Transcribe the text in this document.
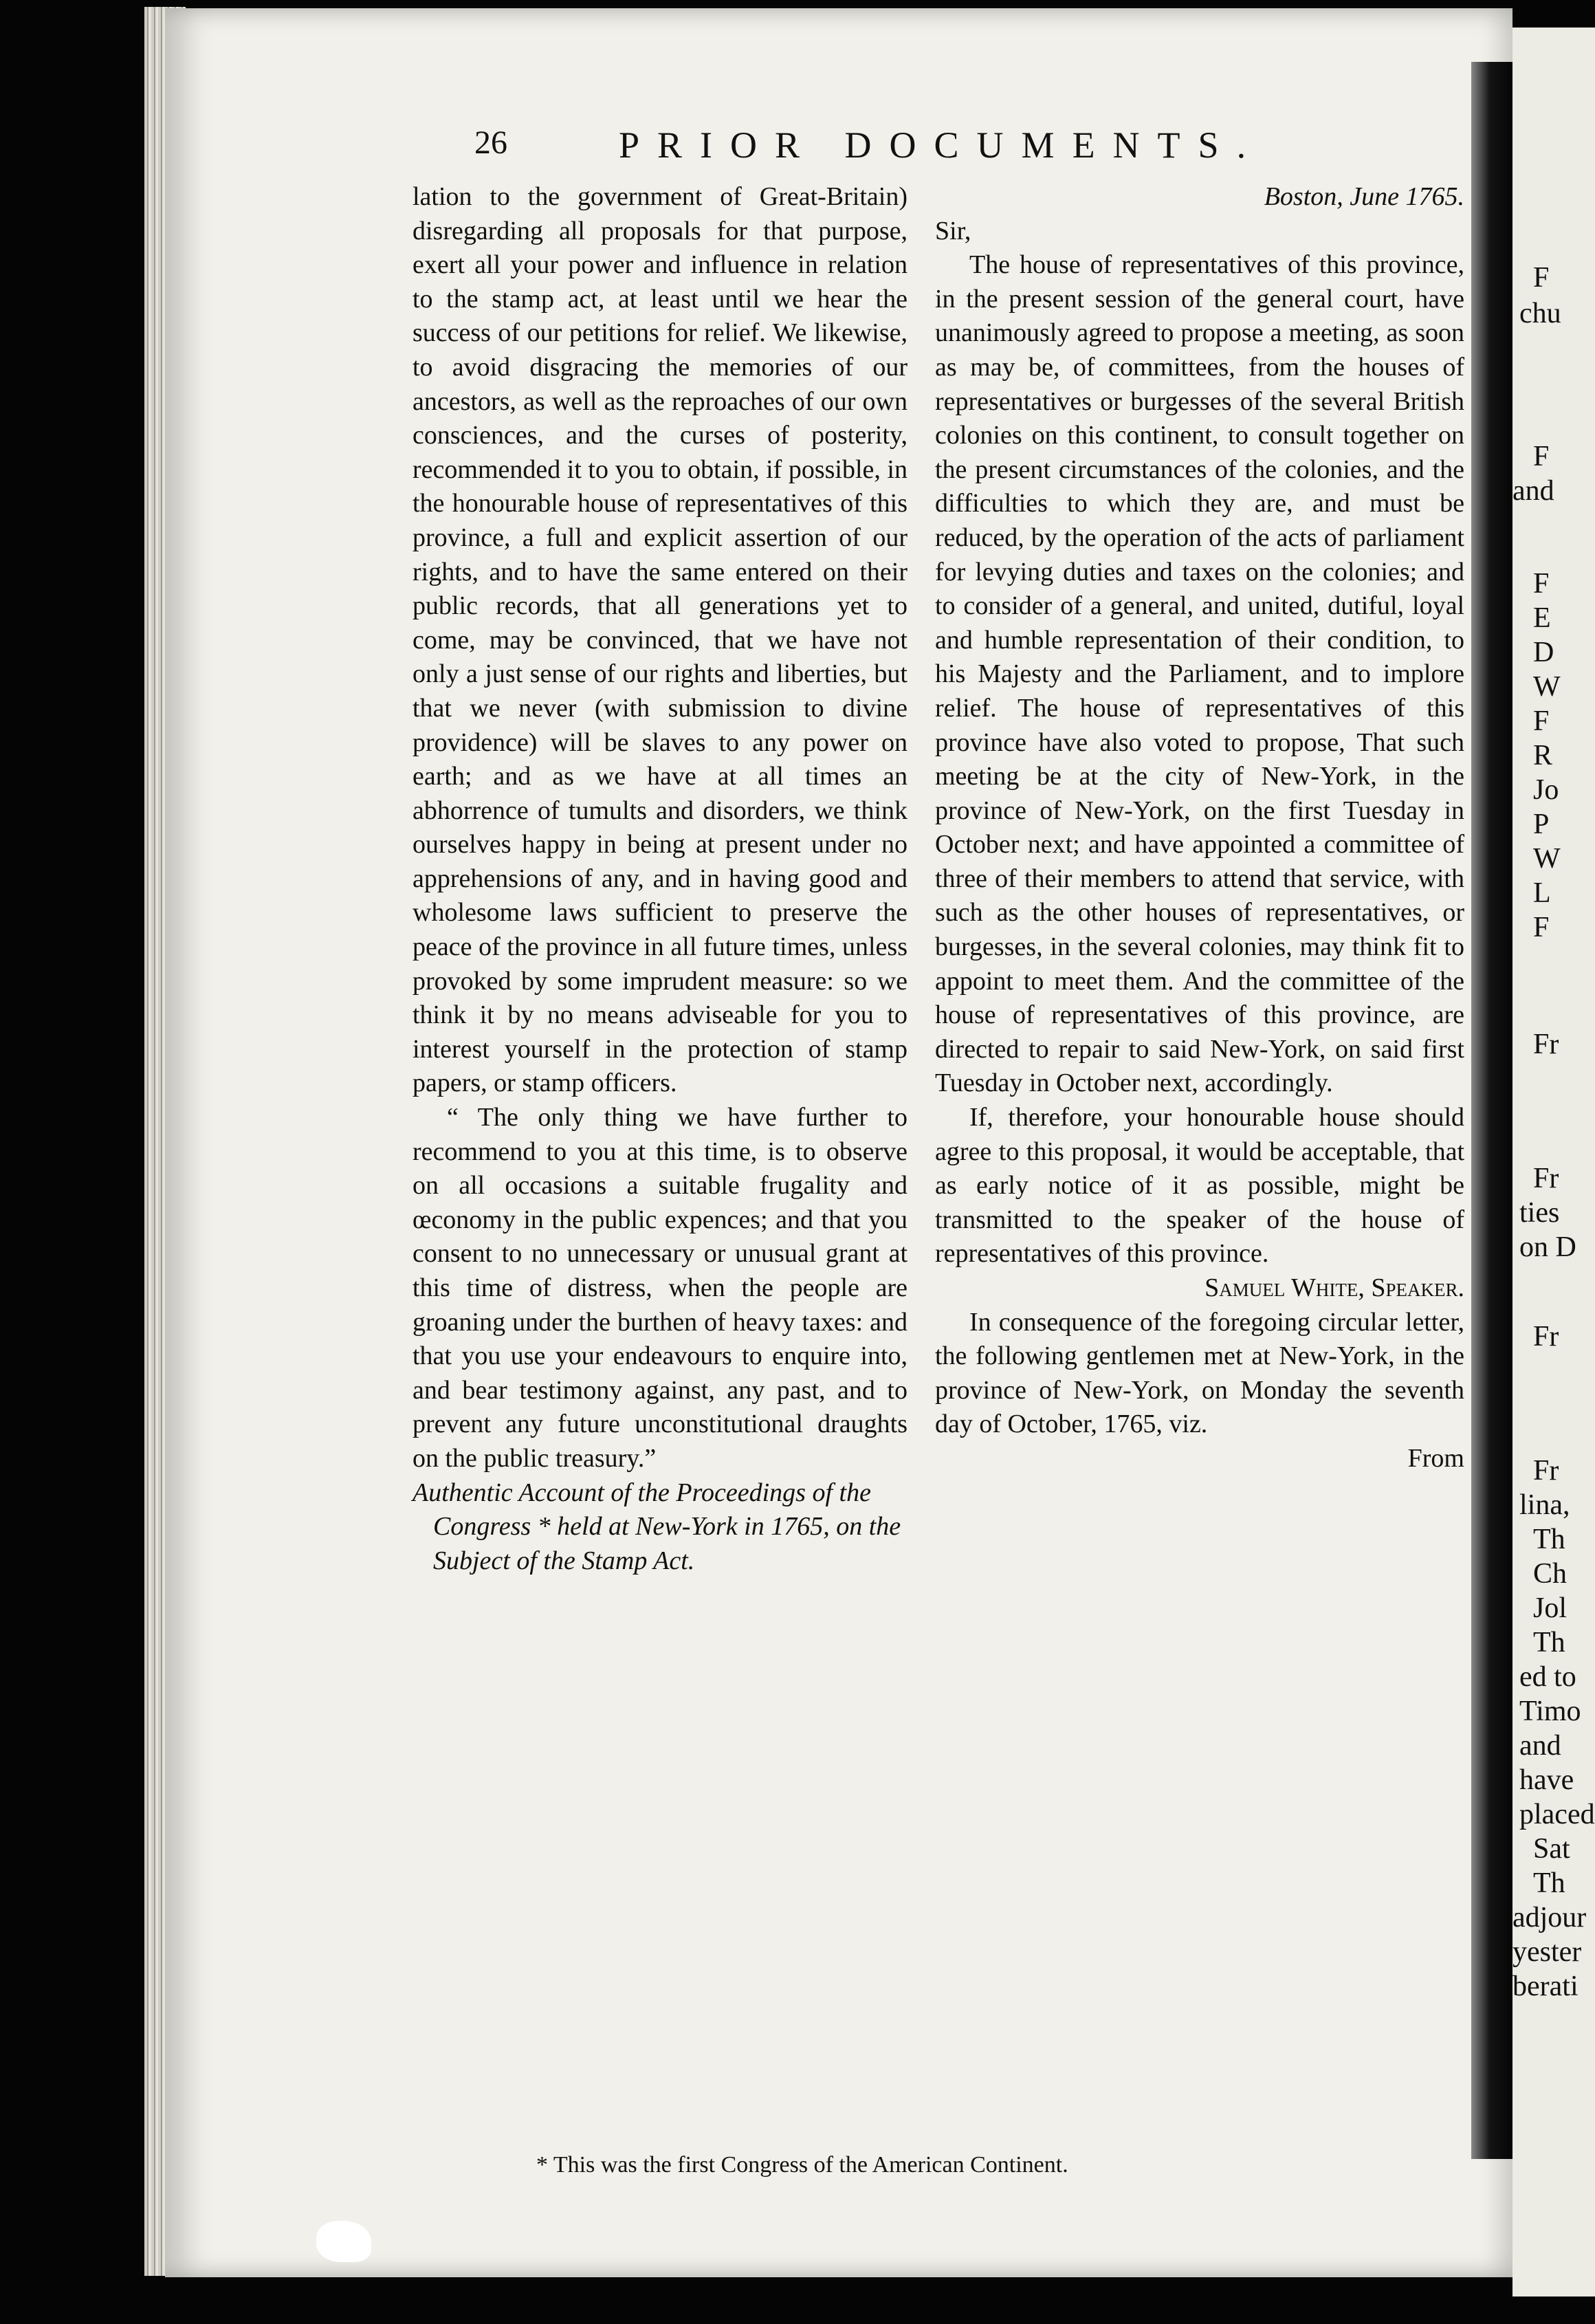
F
chu
F
and
F
E
D
W
F
R
Jo
P
W
L
F
Fr
Fr
ties
on D
Fr
Fr
lina,
Th
Ch
Jol
Th
ed to
Timo
and
have
placed
Sat
Th
adjour
yester
berati
26	PRIOR DOCUMENTS.

lation to the government of Great-Britain) disregarding all proposals for that purpose, exert all your power and influence in relation to the stamp act, at least until we hear the success of our petitions for relief. We likewise, to avoid disgracing the memories of our ancestors, as well as the reproaches of our own consciences, and the curses of posterity, recommended it to you to obtain, if possible, in the honourable house of representatives of this province, a full and explicit assertion of our rights, and to have the same entered on their public records, that all generations yet to come, may be convinced, that we have not only a just sense of our rights and liberties, but that we never (with submission to divine providence) will be slaves to any power on earth; and as we have at all times an abhorrence of tumults and disorders, we think ourselves happy in being at present under no apprehensions of any, and in having good and wholesome laws sufficient to preserve the peace of the province in all future times, unless provoked by some imprudent measure: so we think it by no means adviseable for you to interest yourself in the protection of stamp papers, or stamp officers.

“ The only thing we have further to recommend to you at this time, is to observe on all occasions a suitable frugality and œconomy in the public expences; and that you consent to no unnecessary or unusual grant at this time of distress, when the people are groaning under the burthen of heavy taxes: and that you use your endeavours to enquire into, and bear testimony against, any past, and to prevent any future unconstitutional draughts on the public treasury.”

Authentic Account of the Proceedings of the Congress * held at New-York in 1765, on the Subject of the Stamp Act.

Boston, June 1765.

Sir,

The house of representatives of this province, in the present session of the general court, have unanimously agreed to propose a meeting, as soon as may be, of committees, from the houses of representatives or burgesses of the several British colonies on this continent, to consult together on the present circumstances of the colonies, and the difficulties to which they are, and must be reduced, by the operation of the acts of parliament for levying duties and taxes on the colonies; and to consider of a general, and united, dutiful, loyal and humble representation of their condition, to his Majesty and the Parliament, and to implore relief. The house of representatives of this province have also voted to propose, That such meeting be at the city of New-York, in the province of New-York, on the first Tuesday in October next; and have appointed a committee of three of their members to attend that service, with such as the other houses of representatives, or burgesses, in the several colonies, may think fit to appoint to meet them. And the committee of the house of representatives of this province, are directed to repair to said New-York, on said first Tuesday in October next, accordingly.

If, therefore, your honourable house should agree to this proposal, it would be acceptable, that as early notice of it as possible, might be transmitted to the speaker of the house of representatives of this province.

Samuel White, Speaker.

In consequence of the foregoing circular letter, the following gentlemen met at New-York, in the province of New-York, on Monday the seventh day of October, 1765, viz.

From

* This was the first Congress of the American Continent.
